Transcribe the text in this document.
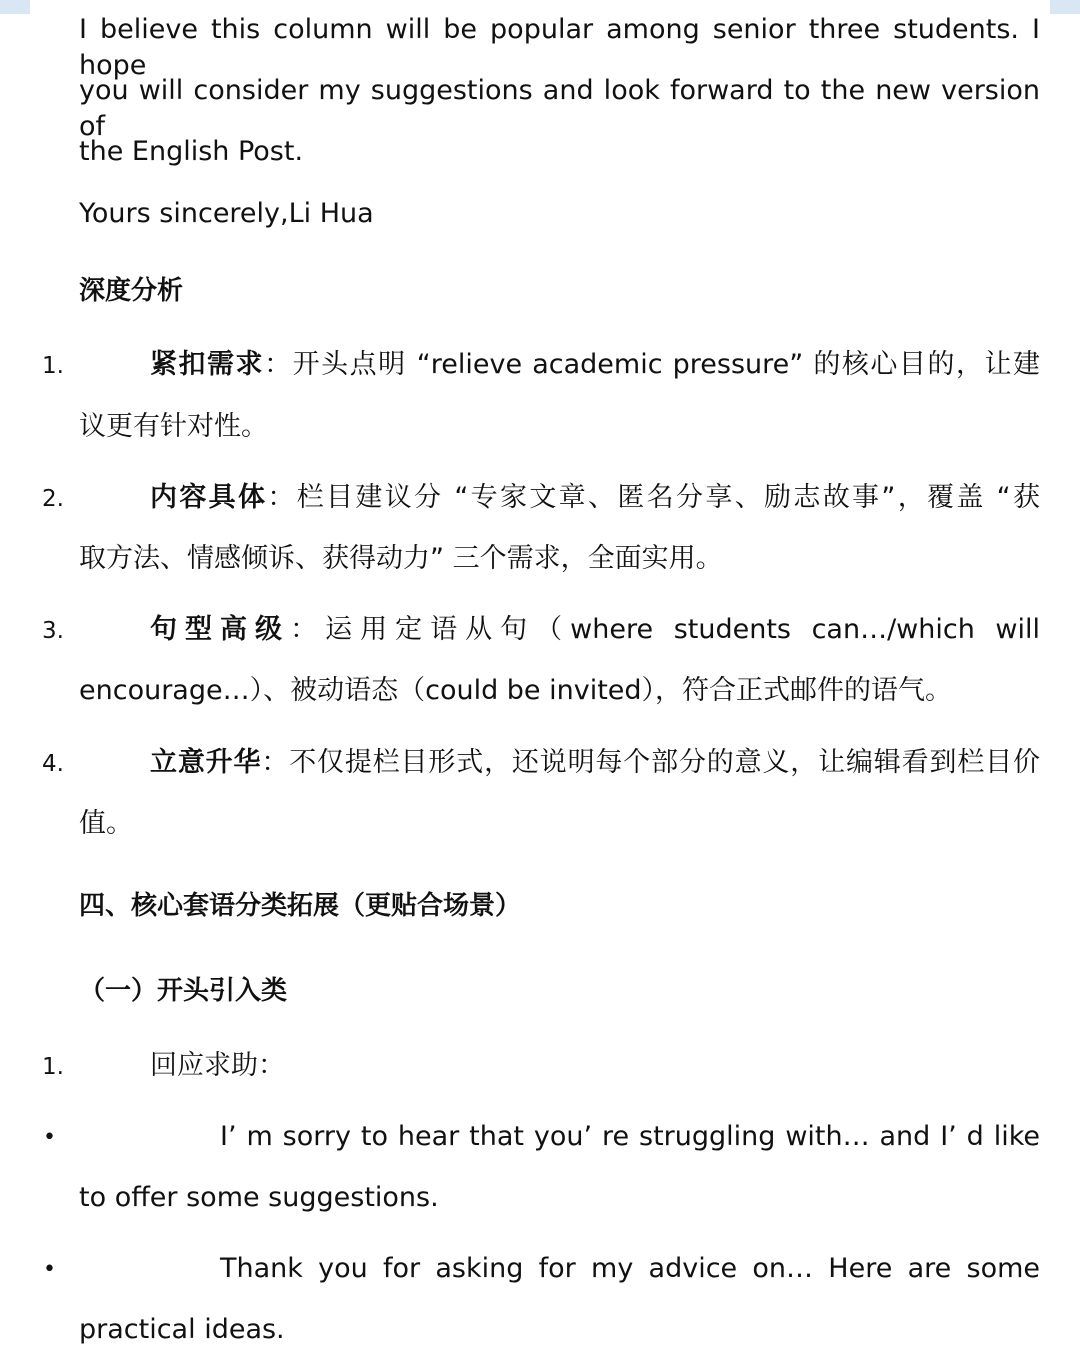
I believe this column will be popular among senior three students. I hope
you will consider my suggestions and look forward to the new version of
the English Post.
Yours sincerely,Li Hua
深度分析
1.	紧扣需求：开头点明 “relieve academic pressure” 的核心目的，让建
议更有针对性。
2.	内容具体：栏目建议分 “专家文章、匿名分享、励志故事”，覆盖 “获
取方法、情感倾诉、获得动力” 三个需求，全面实用。
3.	句型高级：运用定语从句（where students can…/which will
encourage…）、被动语态（could be invited），符合正式邮件的语气。
4.	立意升华：不仅提栏目形式，还说明每个部分的意义，让编辑看到栏目价
值。
四、核心套语分类拓展（更贴合场景）
（一）开头引入类
1.	回应求助：
•	I’ m sorry to hear that you’ re struggling with… and I’ d like
to offer some suggestions.
•	Thank you for asking for my advice on… Here are some
practical ideas.
